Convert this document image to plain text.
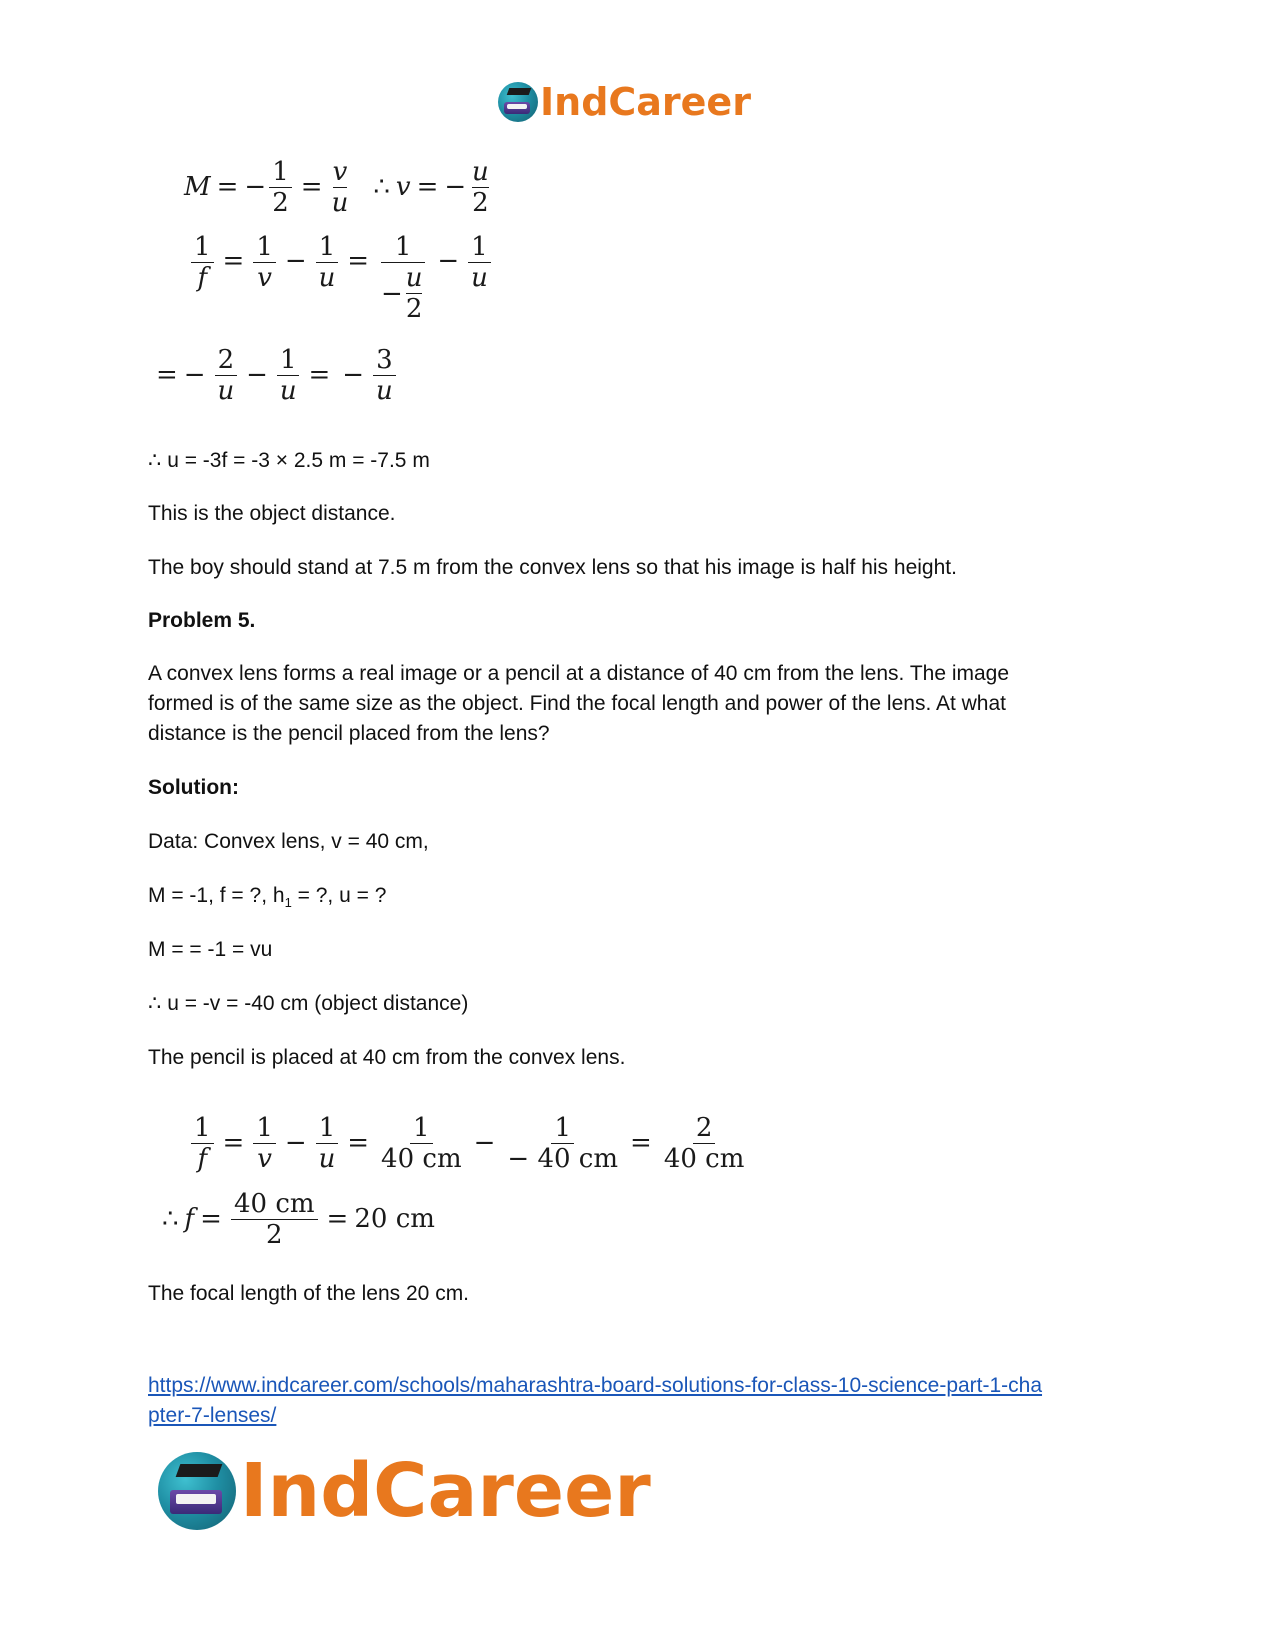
IndCareer
M = − $\frac{1}{2} = \frac{v}{u}$ ∴ v = − $\frac{u}{2}$
$\frac{1}{f} = \frac{1}{v} - \frac{1}{u} = \frac{1}{- \frac{u}{2}} - \frac{1}{u}$
= − $\frac{2}{u} - \frac{1}{u}$ = − $\frac{3}{u}$
∴ u = -3f = -3 × 2.5 m = -7.5 m
This is the object distance.
The boy should stand at 7.5 m from the convex lens so that his image is half his height.
Problem 5.
A convex lens forms a real image or a pencil at a distance of 40 cm from the lens. The image
formed is of the same size as the object. Find the focal length and power of the lens. At what
distance is the pencil placed from the lens?
Solution:
Data: Convex lens, v = 40 cm,
M = -1, f = ?, $h_1$ = ?, u = ?
M = = -1 = vu
∴ u = -v = -40 cm (object distance)
The pencil is placed at 40 cm from the convex lens.
$\frac{1}{f} = \frac{1}{v} - \frac{1}{u} = \frac{1}{40 cm} - \frac{1}{- 40 cm} = \frac{2}{40 cm}$
∴ $f = \frac{40 cm}{2} = 20$ cm
The focal length of the lens 20 cm.
https://www.indcareer.com/schools/maharashtra-board-solutions-for-class-10-science-part-1-cha
pter-7-lenses/
IndCareer
